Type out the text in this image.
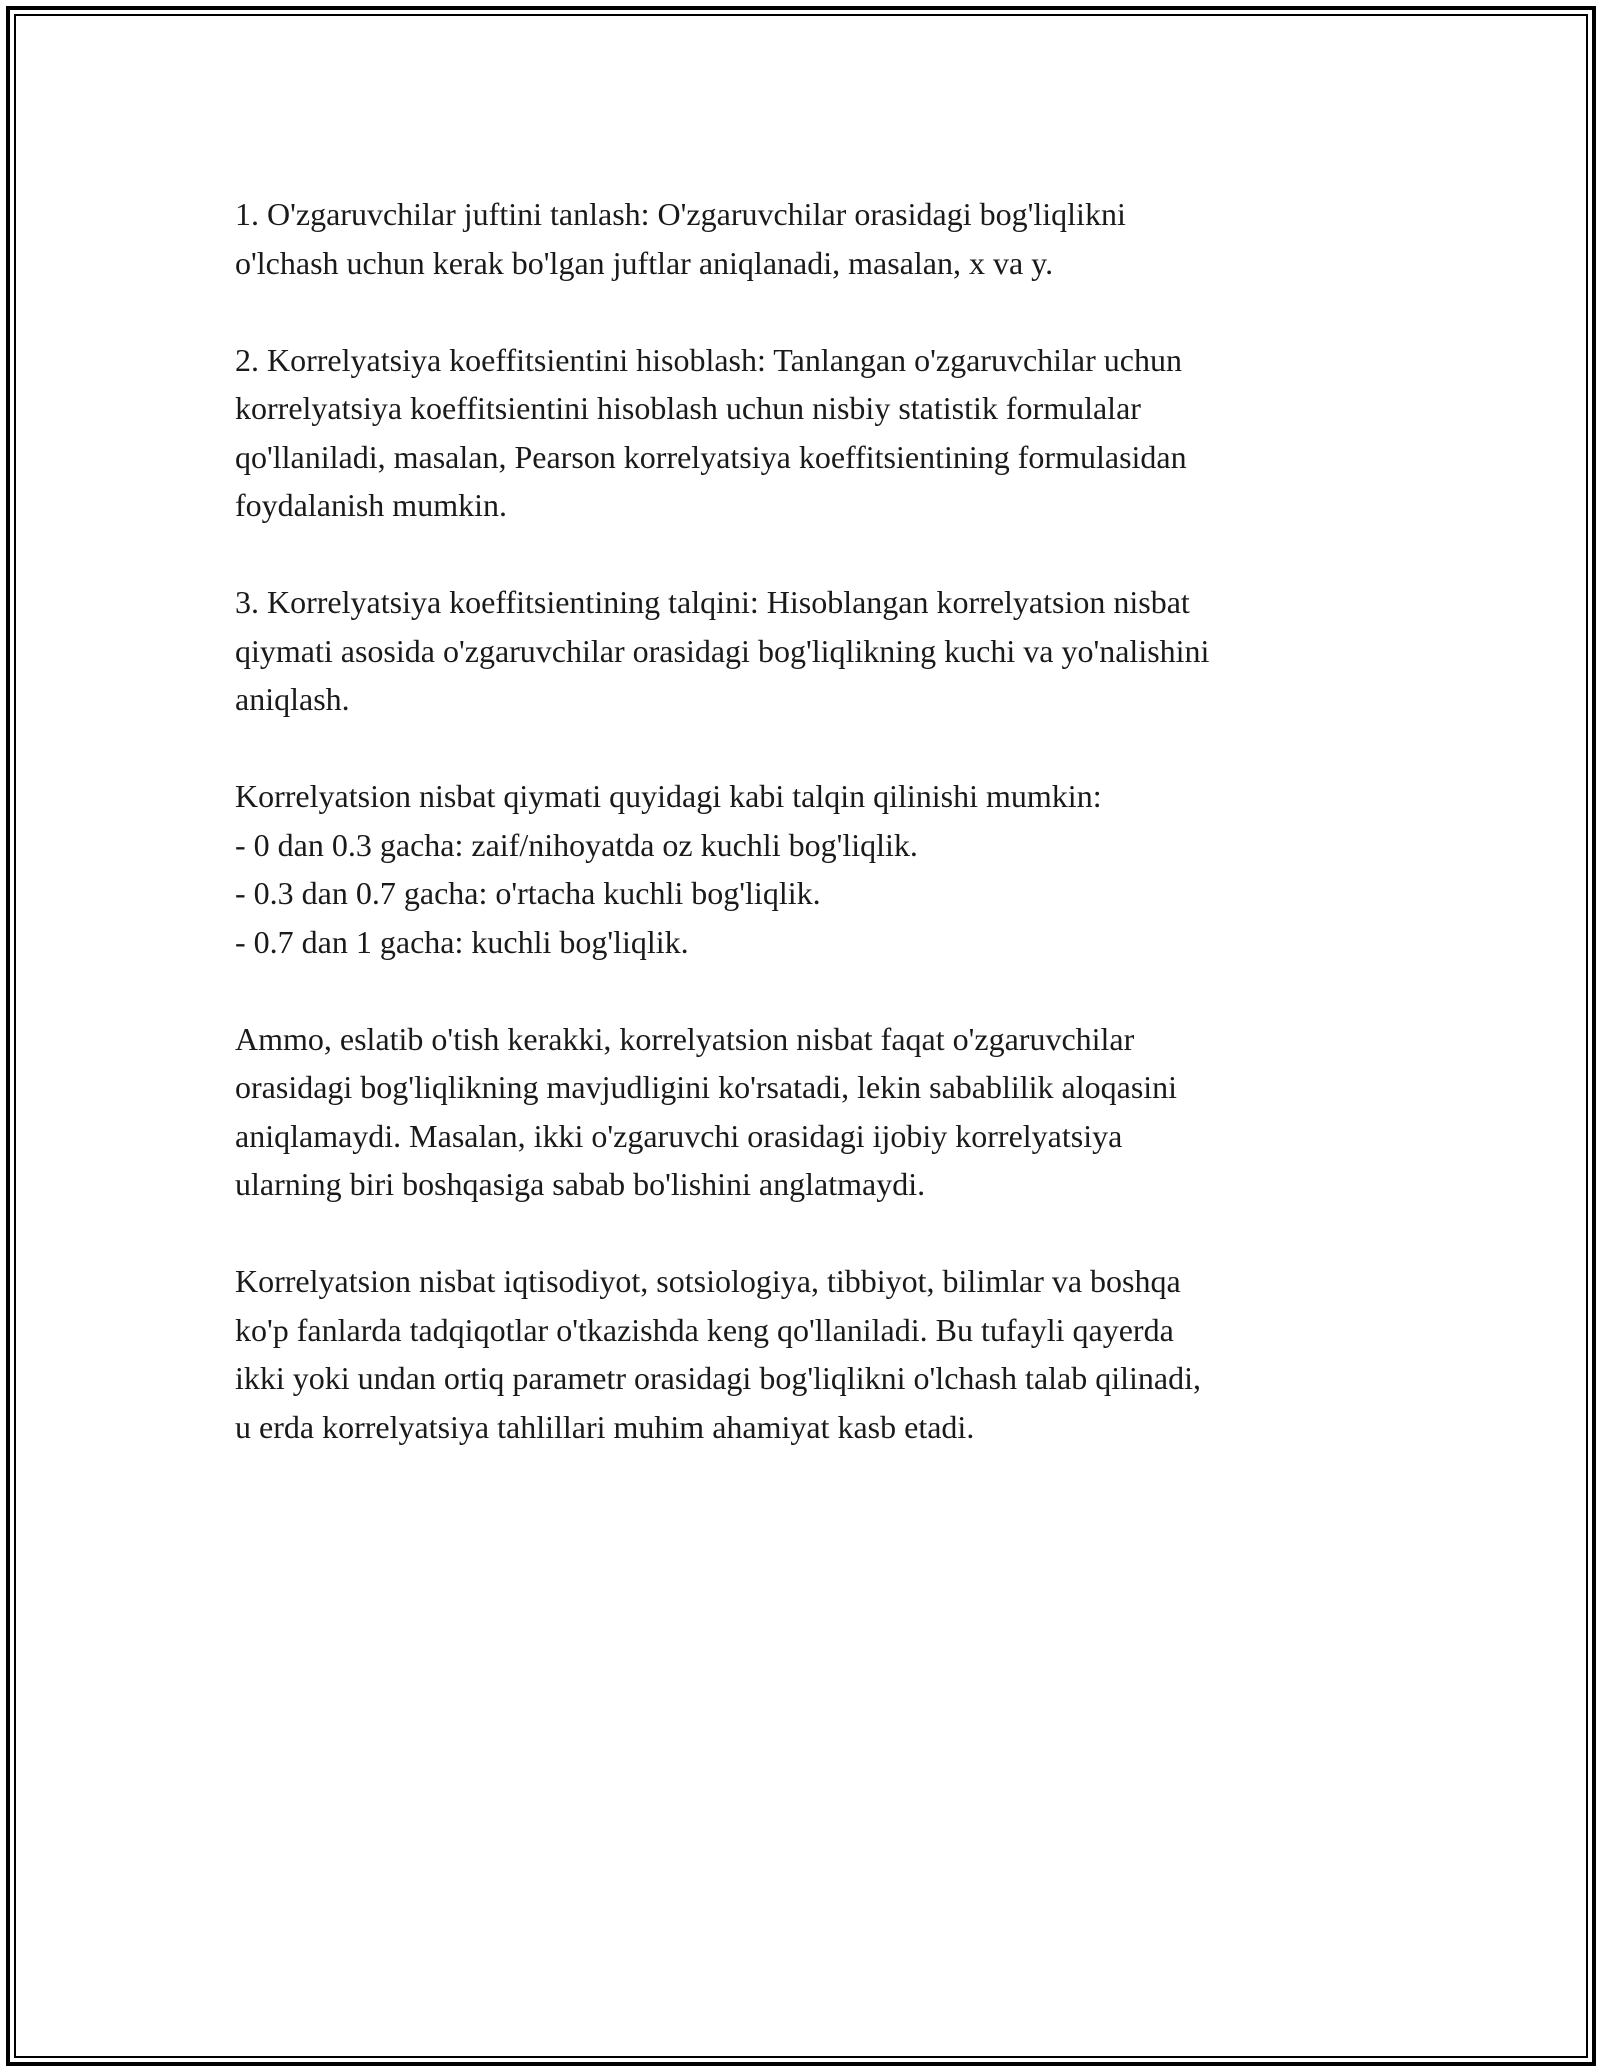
1. O'zgaruvchilar juftini tanlash: O'zgaruvchilar orasidagi bog'liqlikni
o'lchash uchun kerak bo'lgan juftlar aniqlanadi, masalan, x va y.

2. Korrelyatsiya koeffitsientini hisoblash: Tanlangan o'zgaruvchilar uchun
korrelyatsiya koeffitsientini hisoblash uchun nisbiy statistik formulalar
qo'llaniladi, masalan, Pearson korrelyatsiya koeffitsientining formulasidan
foydalanish mumkin.

3. Korrelyatsiya koeffitsientining talqini: Hisoblangan korrelyatsion nisbat
qiymati asosida o'zgaruvchilar orasidagi bog'liqlikning kuchi va yo'nalishini
aniqlash.

Korrelyatsion nisbat qiymati quyidagi kabi talqin qilinishi mumkin:
- 0 dan 0.3 gacha: zaif/nihoyatda oz kuchli bog'liqlik.
- 0.3 dan 0.7 gacha: o'rtacha kuchli bog'liqlik.
- 0.7 dan 1 gacha: kuchli bog'liqlik.

Ammo, eslatib o'tish kerakki, korrelyatsion nisbat faqat o'zgaruvchilar
orasidagi bog'liqlikning mavjudligini ko'rsatadi, lekin sabablilik aloqasini
aniqlamaydi. Masalan, ikki o'zgaruvchi orasidagi ijobiy korrelyatsiya
ularning biri boshqasiga sabab bo'lishini anglatmaydi.

Korrelyatsion nisbat iqtisodiyot, sotsiologiya, tibbiyot, bilimlar va boshqa
ko'p fanlarda tadqiqotlar o'tkazishda keng qo'llaniladi. Bu tufayli qayerda
ikki yoki undan ortiq parametr orasidagi bog'liqlikni o'lchash talab qilinadi,
u erda korrelyatsiya tahlillari muhim ahamiyat kasb etadi.
